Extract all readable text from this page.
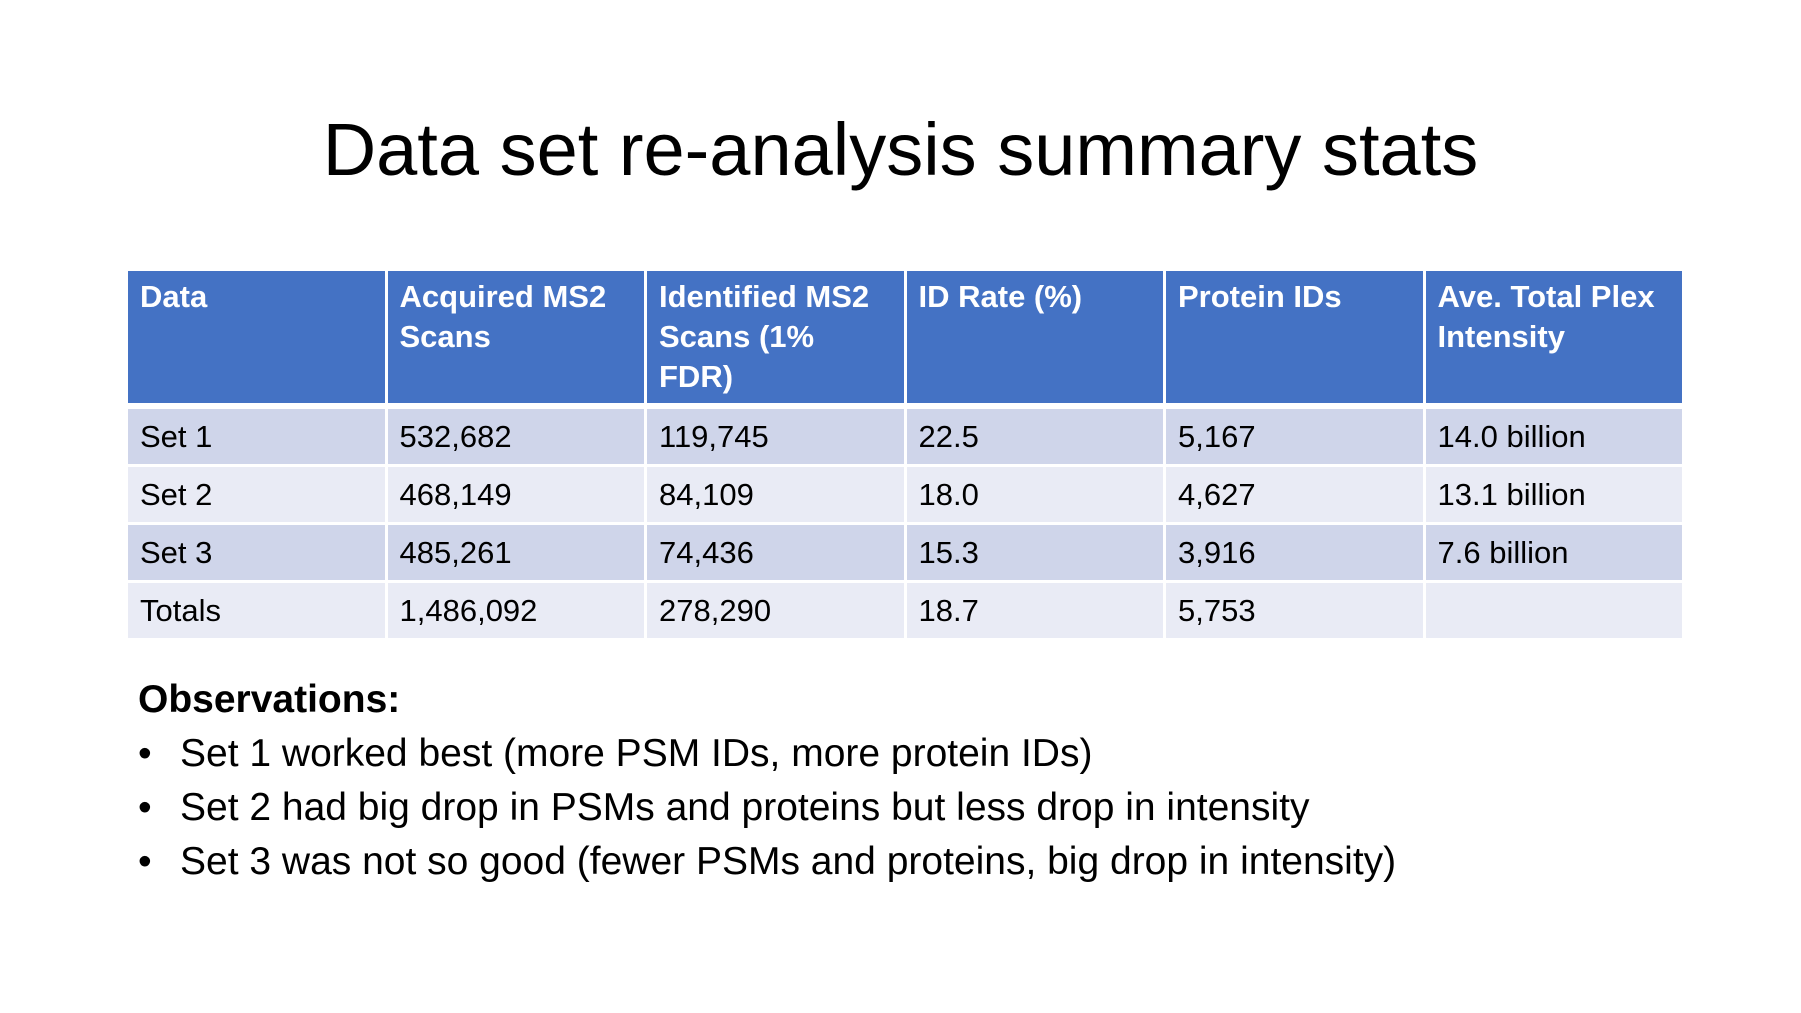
Data set re-analysis summary stats
Data	Acquired MS2 Scans	Identified MS2 Scans (1% FDR)	ID Rate (%)	Protein IDs	Ave. Total Plex Intensity
Set 1	532,682	119,745	22.5	5,167	14.0 billion
Set 2	468,149	84,109	18.0	4,627	13.1 billion
Set 3	485,261	74,436	15.3	3,916	7.6 billion
Totals	1,486,092	278,290	18.7	5,753	

Observations:

• Set 1 worked best (more PSM IDs, more protein IDs)
• Set 2 had big drop in PSMs and proteins but less drop in intensity
• Set 3 was not so good (fewer PSMs and proteins, big drop in intensity)
